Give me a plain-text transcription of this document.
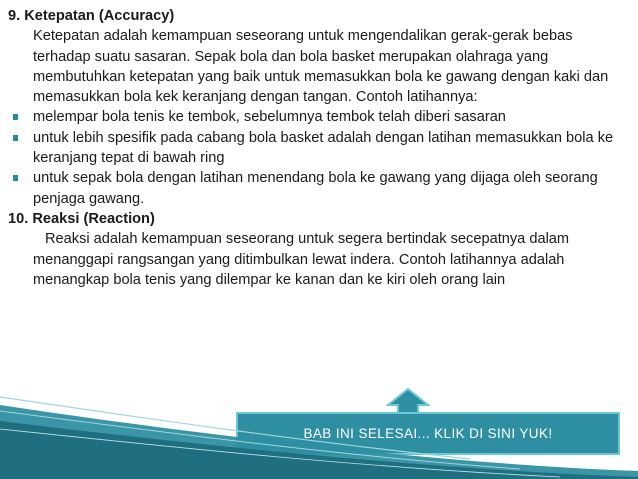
9. Ketepatan (Accuracy)

Ketepatan adalah kemampuan seseorang untuk mengendalikan gerak-gerak bebas terhadap suatu sasaran. Sepak bola dan bola basket merupakan olahraga yang membutuhkan ketepatan yang baik untuk memasukkan bola ke gawang dengan kaki dan memasukkan bola kek keranjang dengan tangan. Contoh latihannya:

melempar bola tenis ke tembok, sebelumnya tembok telah diberi sasaran
untuk lebih spesifik pada cabang bola basket adalah dengan latihan memasukkan bola ke keranjang tepat di bawah ring
untuk sepak bola dengan latihan menendang bola ke gawang yang dijaga oleh seorang penjaga gawang.

10. Reaksi (Reaction)

Reaksi adalah kemampuan seseorang untuk segera bertindak secepatnya dalam menanggapi rangsangan yang ditimbulkan lewat indera. Contoh latihannya adalah menangkap bola tenis yang dilempar ke kanan dan ke kiri oleh orang lain

BAB INI SELESAI... KLIK DI SINI YUK!
